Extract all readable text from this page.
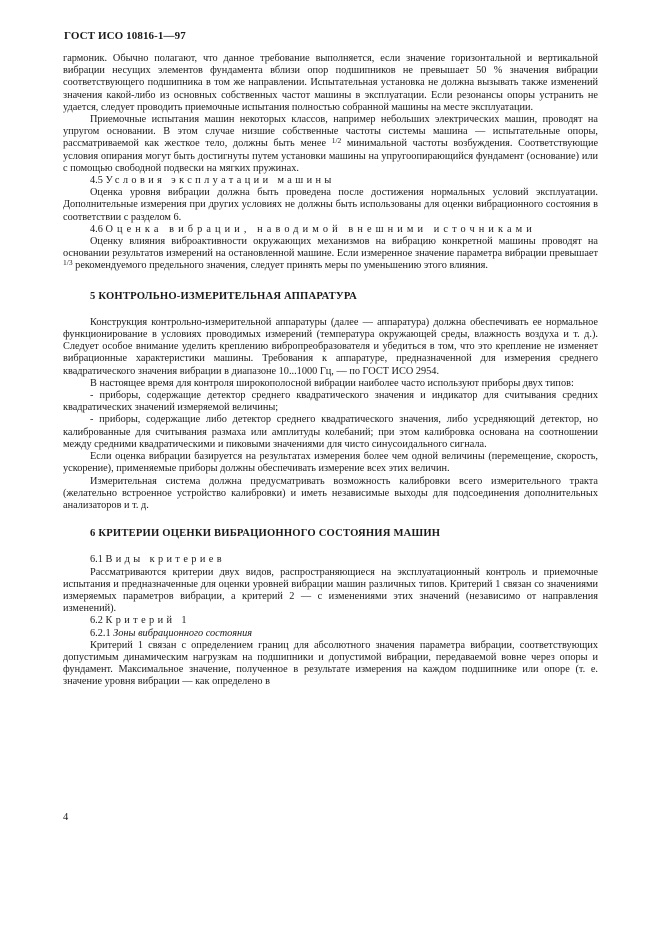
ГОСТ ИСО 10816-1—97

гармоник. Обычно полагают, что данное требование выполняется, если значение горизонтальной и вертикальной вибрации несущих элементов фундамента вблизи опор подшипников не превышает 50 % значения вибрации соответствующего подшипника в том же направлении. Испытательная установка не должна вызывать также изменений значения какой-либо из основных собственных частот машины в эксплуатации. Если резонансы опоры устранить не удается, следует проводить приемочные испытания полностью собранной машины на месте эксплуатации.

Приемочные испытания машин некоторых классов, например небольших электрических машин, проводят на упругом основании. В этом случае низшие собственные частоты системы машина — испытательные опоры, рассматриваемой как жесткое тело, должны быть менее $^{1/2}$ минимальной частоты возбуждения. Соответствующие условия опирания могут быть достигнуты путем установки машины на упругоопирающийся фундамент (основание) или с помощью свободной подвески на мягких пружинах.

4.5 Условия эксплуатации машины

Оценка уровня вибрации должна быть проведена после достижения нормальных условий эксплуатации. Дополнительные измерения при других условиях не должны быть использованы для оценки вибрационного состояния в соответствии с разделом 6.

4.6 Оценка вибрации, наводимой внешними источниками

Оценку влияния виброактивности окружающих механизмов на вибрацию конкретной машины проводят на основании результатов измерений на остановленной машине. Если измеренное значение параметра вибрации превышает $^{1/3}$ рекомендуемого предельного значения, следует принять меры по уменьшению этого влияния.

5 КОНТРОЛЬНО-ИЗМЕРИТЕЛЬНАЯ АППАРАТУРА

Конструкция контрольно-измерительной аппаратуры (далее — аппаратура) должна обеспечивать ее нормальное функционирование в условиях проводимых измерений (температура окружающей среды, влажность воздуха и т. д.). Следует особое внимание уделить креплению вибропреобразователя и убедиться в том, что это крепление не изменяет вибрационные характеристики машины. Требования к аппаратуре, предназначенной для измерения среднего квадратического значения вибрации в диапазоне 10...1000 Гц, — по ГОСТ ИСО 2954.

В настоящее время для контроля широкополосной вибрации наиболее часто используют приборы двух типов:

- приборы, содержащие детектор среднего квадратического значения и индикатор для считывания средних квадратических значений измеряемой величины;

- приборы, содержащие либо детектор среднего квадратического значения, либо усредняющий детектор, но калиброванные для считывания размаха или амплитуды колебаний; при этом калибровка основана на соотношении между средними квадратическими и пиковыми значениями для чисто синусоидального сигнала.

Если оценка вибрации базируется на результатах измерения более чем одной величины (перемещение, скорость, ускорение), применяемые приборы должны обеспечивать измерение всех этих величин.

Измерительная система должна предусматривать возможность калибровки всего измерительного тракта (желательно встроенное устройство калибровки) и иметь независимые выходы для подсоединения дополнительных анализаторов и т. д.

6 КРИТЕРИИ ОЦЕНКИ ВИБРАЦИОННОГО СОСТОЯНИЯ МАШИН

6.1 Виды критериев

Рассматриваются критерии двух видов, распространяющиеся на эксплуатационный контроль и приемочные испытания и предназначенные для оценки уровней вибрации машин различных типов. Критерий 1 связан со значениями измеряемых параметров вибрации, а критерий 2 — с изменениями этих значений (независимо от направления изменений).

6.2 Критерий 1

6.2.1 Зоны вибрационного состояния

Критерий 1 связан с определением границ для абсолютного значения параметра вибрации, соответствующих допустимым динамическим нагрузкам на подшипники и допустимой вибрации, передаваемой вовне через опоры и фундамент. Максимальное значение, полученное в результате измерения на каждом подшипнике или опоре (т. е. значение уровня вибрации — как определено в

4
